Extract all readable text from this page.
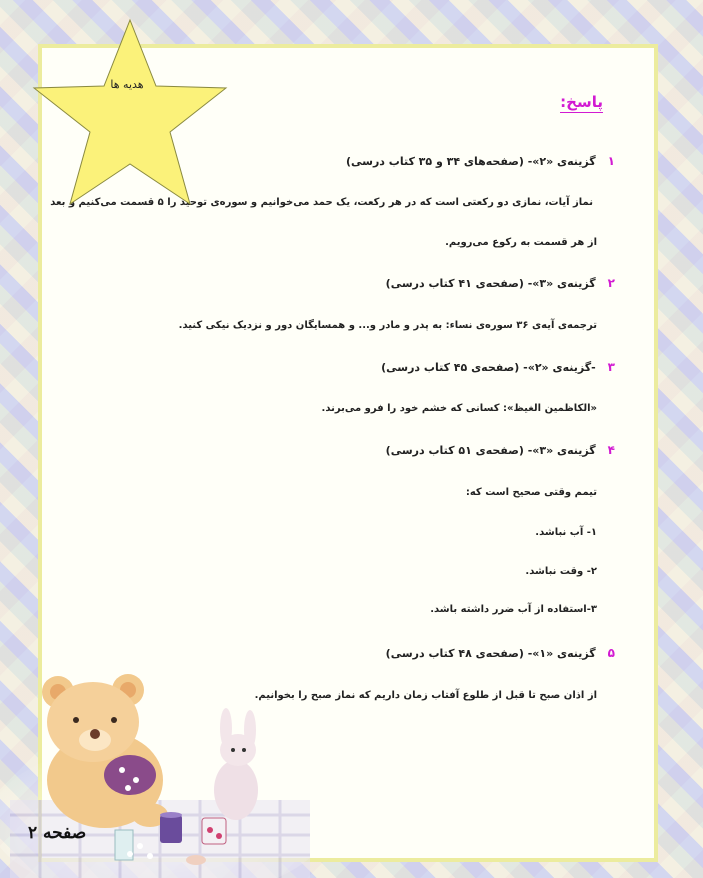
هدیه ها
پاسخ:
۱گزینه‌ی «۲»- (صفحه‌های ۳۴ و ۳۵ کتاب درسی)
نماز آیات، نمازی دو رکعتی است که در هر رکعت، یک حمد می‌خوانیم و سوره‌ی توحید را ۵ قسمت می‌کنیم و بعد
از هر قسمت به رکوع می‌رویم.
۲گزینه‌ی «۳»- (صفحه‌ی ۴۱ کتاب درسی)
ترجمه‌ی آیه‌ی ۳۶ سوره‌ی نساء: به پدر و مادر و... و همسایگان دور و نزدیک نیکی کنید.
۳-گزینه‌ی «۲»- (صفحه‌ی ۴۵ کتاب درسی)
«الکاظمین الغیظ»: کسانی که خشم خود را فرو می‌برند.
۴گزینه‌ی «۳»- (صفحه‌ی ۵۱ کتاب درسی)
تیمم وقتی صحیح است که:
۱- آب نباشد.
۲- وقت نباشد.
۳-استفاده از آب ضرر داشته باشد.
۵گزینه‌ی «۱»- (صفحه‌ی ۴۸ کتاب درسی)
از اذان صبح تا قبل از طلوع آفتاب زمان داریم که نماز صبح را بخوانیم.
صفحه ۲
